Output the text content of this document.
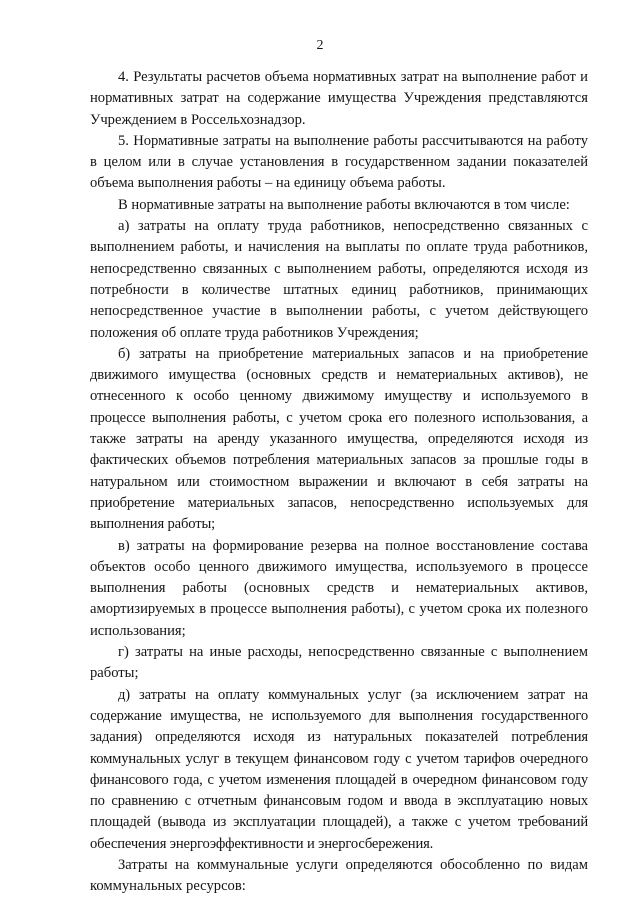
2

4. Результаты расчетов объема нормативных затрат на выполнение работ и нормативных затрат на содержание имущества Учреждения представляются Учреждением в Россельхознадзор.

5. Нормативные затраты на выполнение работы рассчитываются на работу в целом или в случае установления в государственном задании показателей объема выполнения работы – на единицу объема работы.

В нормативные затраты на выполнение работы включаются в том числе:

а) затраты на оплату труда работников, непосредственно связанных с выполнением работы, и начисления на выплаты по оплате труда работников, непосредственно связанных с выполнением работы, определяются исходя из потребности в количестве штатных единиц работников, принимающих непосредственное участие в выполнении работы, с учетом действующего положения об оплате труда работников Учреждения;

б) затраты на приобретение материальных запасов и на приобретение движимого имущества (основных средств и нематериальных активов), не отнесенного к особо ценному движимому имуществу и используемого в процессе выполнения работы, с учетом срока его полезного использования, а также затраты на аренду указанного имущества, определяются исходя из фактических объемов потребления материальных запасов за прошлые годы в натуральном или стоимостном выражении и включают в себя затраты на приобретение материальных запасов, непосредственно используемых для выполнения работы;

в) затраты на формирование резерва на полное восстановление состава объектов особо ценного движимого имущества, используемого в процессе выполнения работы (основных средств и нематериальных активов, амортизируемых в процессе выполнения работы), с учетом срока их полезного использования;

г) затраты на иные расходы, непосредственно связанные с выполнением работы;

д) затраты на оплату коммунальных услуг (за исключением затрат на содержание имущества, не используемого для выполнения государственного задания) определяются исходя из натуральных показателей потребления коммунальных услуг в текущем финансовом году с учетом тарифов очередного финансового года, с учетом изменения площадей в очередном финансовом году по сравнению с отчетным финансовым годом и ввода в эксплуатацию новых площадей (вывода из эксплуатации площадей), а также с учетом требований обеспечения энергоэффективности и энергосбережения.

Затраты на коммунальные услуги определяются обособленно по видам коммунальных ресурсов:
